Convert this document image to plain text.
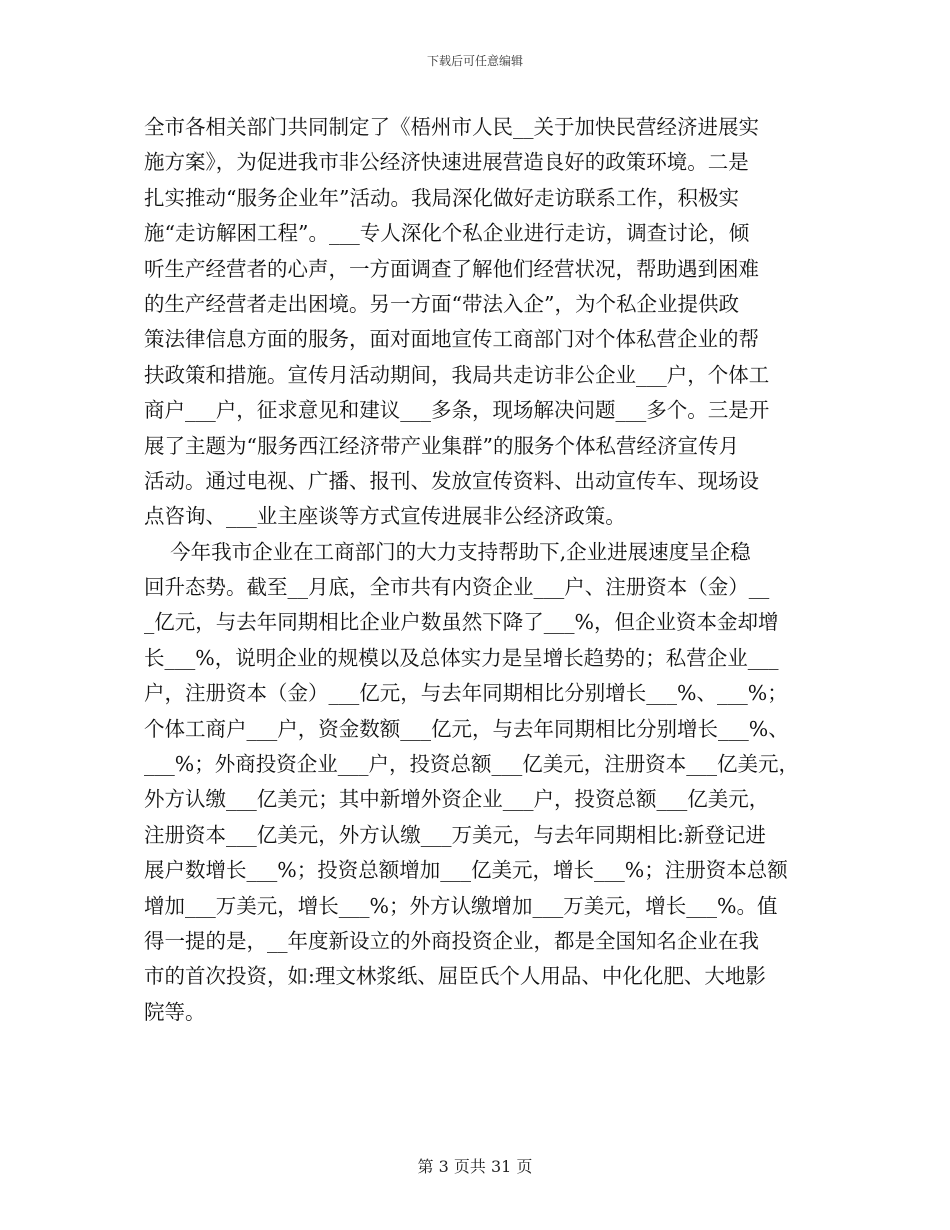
下载后可任意编辑
全市各相关部门共同制定了《梧州市人民__关于加快民营经济进展实
施方案》，为促进我市非公经济快速进展营造良好的政策环境。二是
扎实推动“服务企业年”活动。我局深化做好走访联系工作，积极实
施“走访解困工程”。___专人深化个私企业进行走访，调查讨论，倾
听生产经营者的心声，一方面调查了解他们经营状况，帮助遇到困难
的生产经营者走出困境。另一方面“带法入企”，为个私企业提供政
策法律信息方面的服务，面对面地宣传工商部门对个体私营企业的帮
扶政策和措施。宣传月活动期间，我局共走访非公企业___户，个体工
商户___户，征求意见和建议___多条，现场解决问题___多个。三是开
展了主题为“服务西江经济带产业集群”的服务个体私营经济宣传月
活动。通过电视、广播、报刊、发放宣传资料、出动宣传车、现场设
点咨询、___业主座谈等方式宣传进展非公经济政策。
今年我市企业在工商部门的大力支持帮助下,企业进展速度呈企稳
回升态势。截至__月底，全市共有内资企业___户、注册资本（金）__
_亿元，与去年同期相比企业户数虽然下降了___%，但企业资本金却增
长___%，说明企业的规模以及总体实力是呈增长趋势的；私营企业___
户，注册资本（金）___亿元，与去年同期相比分别增长___%、___%；
个体工商户___户，资金数额___亿元，与去年同期相比分别增长___%、
___%；外商投资企业___户，投资总额___亿美元，注册资本___亿美元，
外方认缴___亿美元；其中新增外资企业___户，投资总额___亿美元，
注册资本___亿美元，外方认缴___万美元，与去年同期相比:新登记进
展户数增长___%；投资总额增加___亿美元，增长___%；注册资本总额
增加___万美元，增长___%；外方认缴增加___万美元，增长___%。值
得一提的是，__年度新设立的外商投资企业，都是全国知名企业在我
市的首次投资，如:理文林浆纸、屈臣氏个人用品、中化化肥、大地影
院等。
第 3 页共 31 页
